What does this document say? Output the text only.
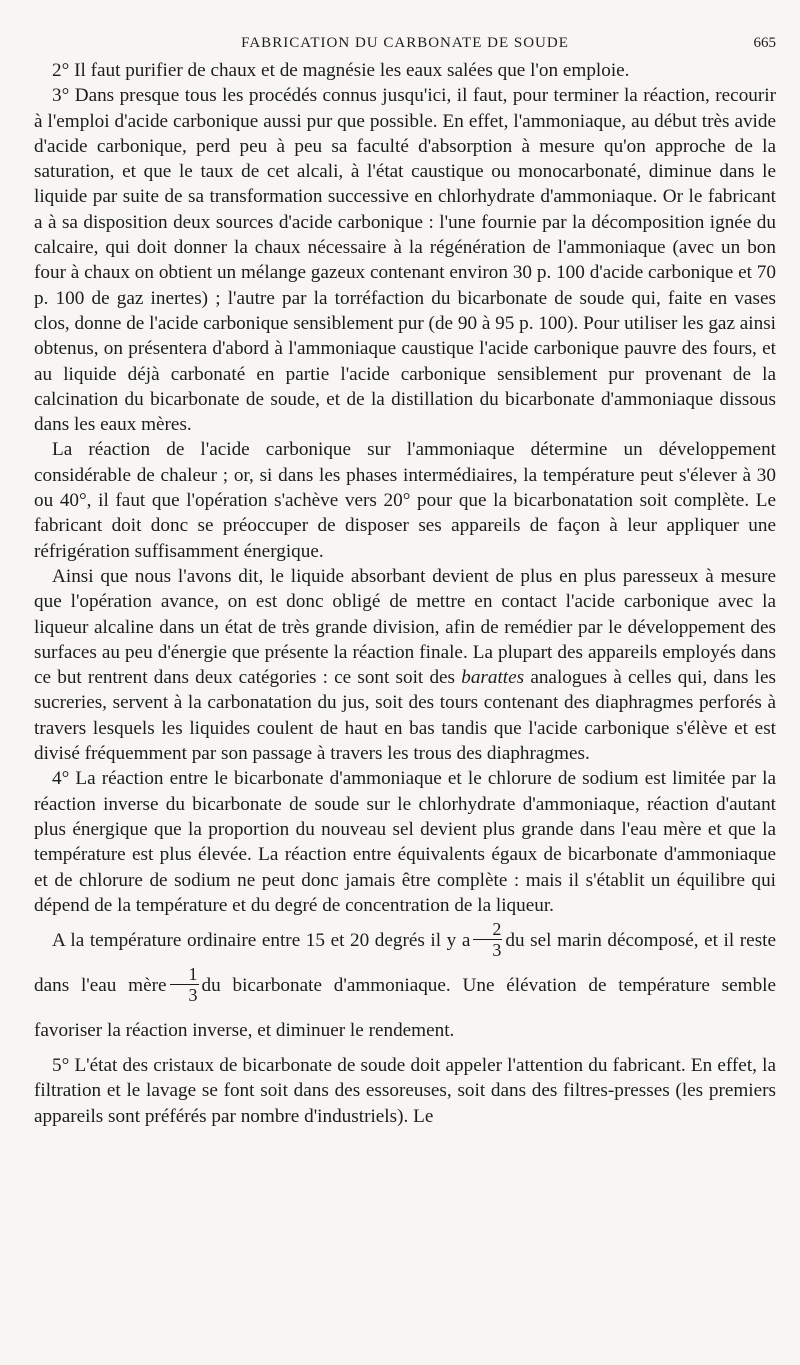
FABRICATION DU CARBONATE DE SOUDE	665

2° Il faut purifier de chaux et de magnésie les eaux salées que l'on emploie.

3° Dans presque tous les procédés connus jusqu'ici, il faut, pour terminer la réaction, recourir à l'emploi d'acide carbonique aussi pur que possible. En effet, l'ammoniaque, au début très avide d'acide carbonique, perd peu à peu sa faculté d'absorption à mesure qu'on approche de la saturation, et que le taux de cet alcali, à l'état caustique ou monocarbonaté, diminue dans le liquide par suite de sa transformation successive en chlorhydrate d'ammoniaque. Or le fabricant a à sa disposition deux sources d'acide carbonique : l'une fournie par la décomposition ignée du calcaire, qui doit donner la chaux nécessaire à la régénération de l'ammoniaque (avec un bon four à chaux on obtient un mélange gazeux contenant environ 30 p. 100 d'acide carbonique et 70 p. 100 de gaz inertes) ; l'autre par la torréfaction du bicarbonate de soude qui, faite en vases clos, donne de l'acide carbonique sensiblement pur (de 90 à 95 p. 100). Pour utiliser les gaz ainsi obtenus, on présentera d'abord à l'ammoniaque caustique l'acide carbonique pauvre des fours, et au liquide déjà carbonaté en partie l'acide carbonique sensiblement pur provenant de la calcination du bicarbonate de soude, et de la distillation du bicarbonate d'ammoniaque dissous dans les eaux mères.

La réaction de l'acide carbonique sur l'ammoniaque détermine un développement considérable de chaleur ; or, si dans les phases intermédiaires, la température peut s'élever à 30 ou 40°, il faut que l'opération s'achève vers 20° pour que la bicarbonatation soit complète. Le fabricant doit donc se préoccuper de disposer ses appareils de façon à leur appliquer une réfrigération suffisamment énergique.

Ainsi que nous l'avons dit, le liquide absorbant devient de plus en plus paresseux à mesure que l'opération avance, on est donc obligé de mettre en contact l'acide carbonique avec la liqueur alcaline dans un état de très grande division, afin de remédier par le développement des surfaces au peu d'énergie que présente la réaction finale. La plupart des appareils employés dans ce but rentrent dans deux catégories : ce sont soit des barattes analogues à celles qui, dans les sucreries, servent à la carbonatation du jus, soit des tours contenant des diaphragmes perforés à travers lesquels les liquides coulent de haut en bas tandis que l'acide carbonique s'élève et est divisé fréquemment par son passage à travers les trous des diaphragmes.

4° La réaction entre le bicarbonate d'ammoniaque et le chlorure de sodium est limitée par la réaction inverse du bicarbonate de soude sur le chlorhydrate d'ammoniaque, réaction d'autant plus énergique que la proportion du nouveau sel devient plus grande dans l'eau mère et que la température est plus élevée. La réaction entre équivalents égaux de bicarbonate d'ammoniaque et de chlorure de sodium ne peut donc jamais être complète : mais il s'établit un équilibre qui dépend de la température et du degré de concentration de la liqueur.

A la température ordinaire entre 15 et 20 degrés il y a $\frac{2}{3}$ du sel marin décomposé, et il reste dans l'eau mère $\frac{1}{3}$ du bicarbonate d'ammoniaque. Une élévation de température semble favoriser la réaction inverse, et diminuer le rendement.

5° L'état des cristaux de bicarbonate de soude doit appeler l'attention du fabricant. En effet, la filtration et le lavage se font soit dans des essoreuses, soit dans des filtres-presses (les premiers appareils sont préférés par nombre d'industriels). Le
